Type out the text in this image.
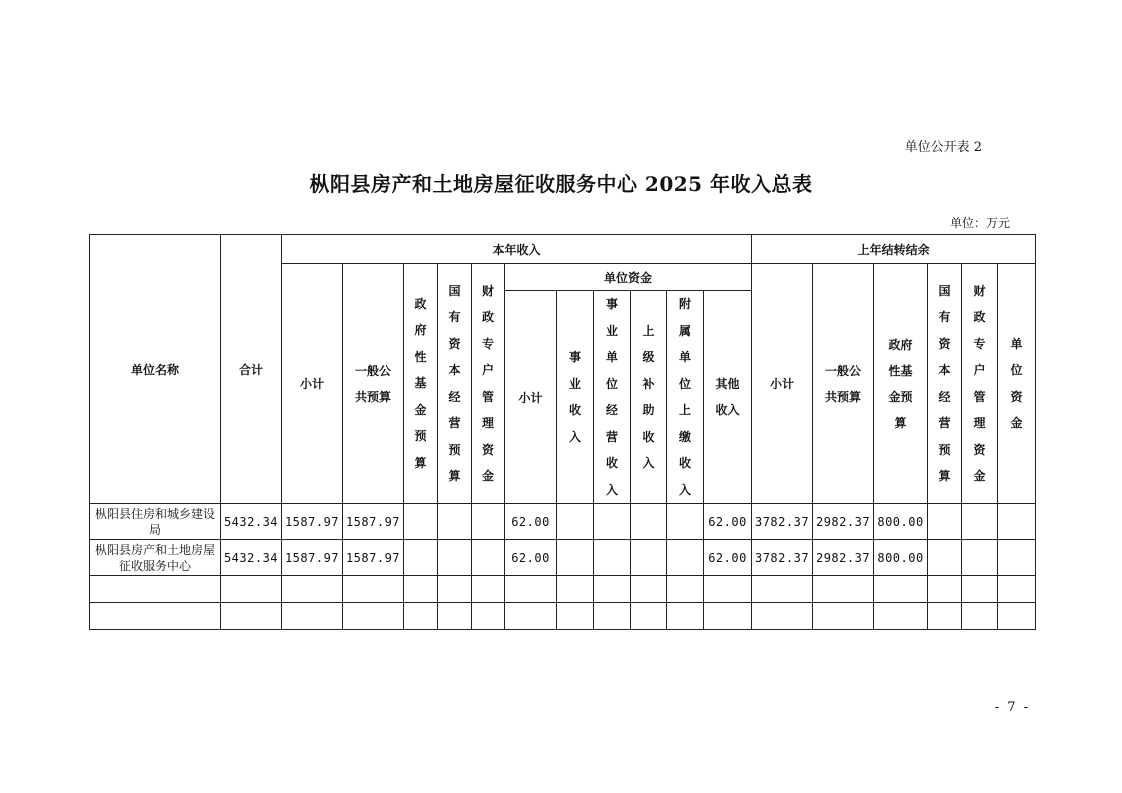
单位公开表 2
枞阳县房产和土地房屋征收服务中心 2025 年收入总表
单位：万元
单位名称	合计	本年收入											上年结转结余					
		小计	一般公共预算	政府性基金预算	国有资本经营预算	财政专户管理资金	单位资金						小计	一般公共预算	政府性基金预算	国有资本经营预算	财政专户管理资金	单位资金
							小计	事业收入	事业单位经营收入	上级补助收入	附属单位上缴收入	其他收入						
枞阳县住房和城乡建设局	5432.34	1587.97	1587.97				62.00					62.00	3782.37	2982.37	800.00			
枞阳县房产和土地房屋征收服务中心	5432.34	1587.97	1587.97				62.00					62.00	3782.37	2982.37	800.00			

- 7 -
